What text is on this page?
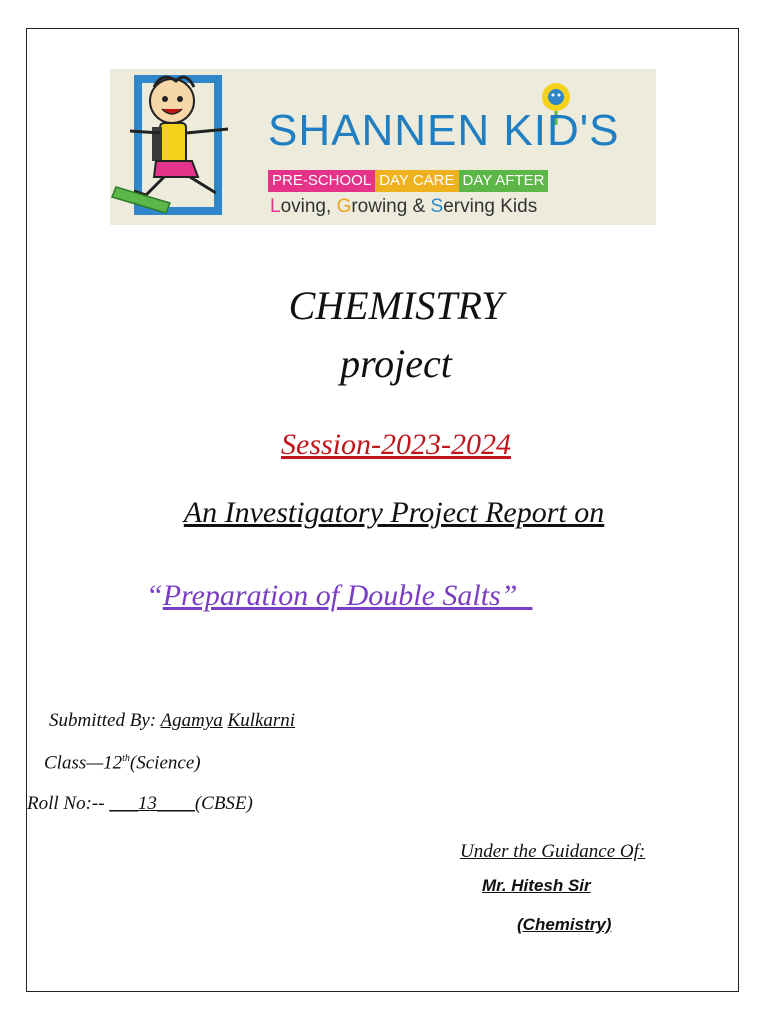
SHANNEN KID'S
PRE-SCHOOL DAY CARE DAY AFTER
Loving, Growing & Serving Kids
CHEMISTRY
project
Session-2023-2024
An Investigatory Project Report on
“Preparation of Double Salts”
Submitted By: Agamya Kulkarni
Class—12th(Science)
Roll No:-- ___13____(CBSE)
Under the Guidance Of:
Mr. Hitesh Sir
(Chemistry)
